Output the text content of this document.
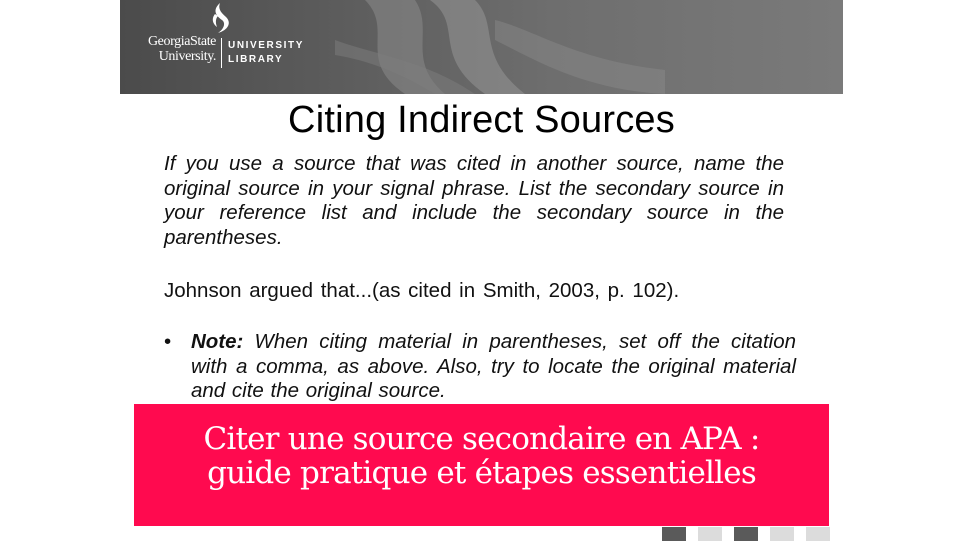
GeorgiaState
University.
UNIVERSITY
LIBRARY
Citing Indirect Sources
If you use a source that was cited in another source, name the original source in your signal phrase. List the secondary source in your reference list and include the secondary source in the parentheses.
Johnson argued that...(as cited in Smith, 2003, p. 102).
• Note: When citing material in parentheses, set off the citation with a comma, as above. Also, try to locate the original material and cite the original source.
Citer une source secondaire en APA : guide pratique et étapes essentielles
